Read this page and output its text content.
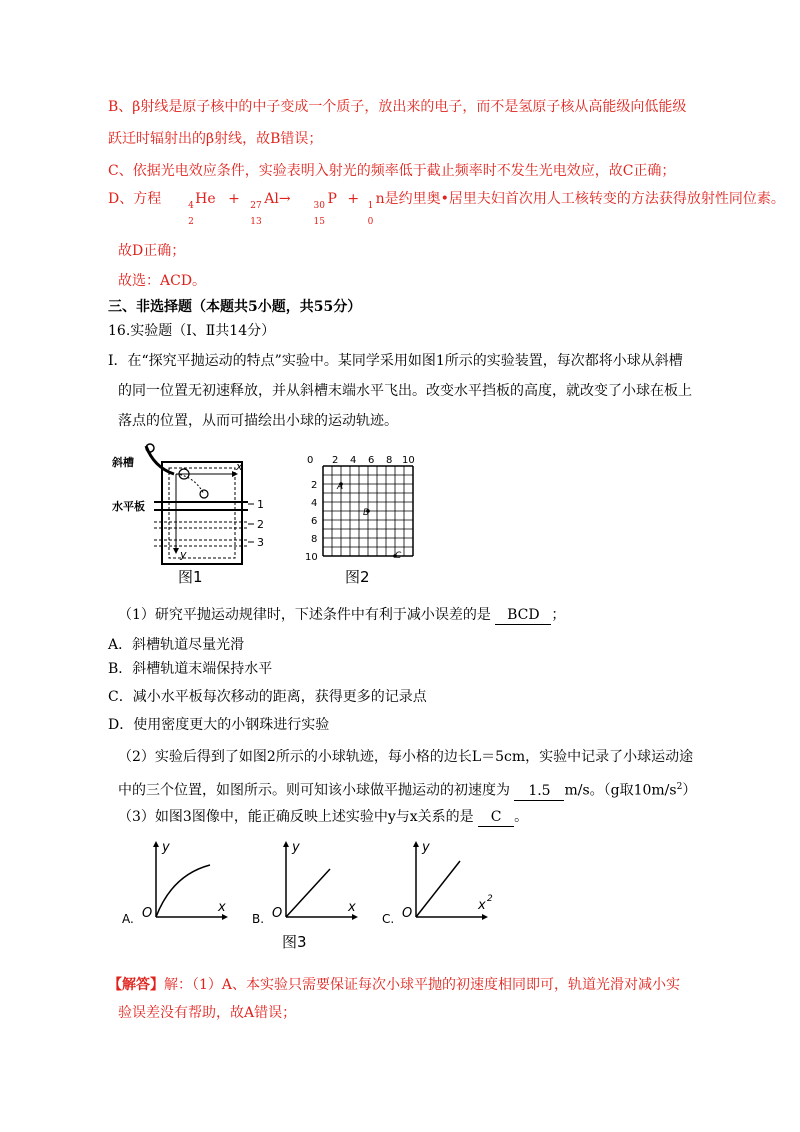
B、β射线是原子核中的中子变成一个质子，放出来的电子，而不是氢原子核从高能级向低能级
跃迁时辐射出的β射线，故B错误；
C、依据光电效应条件，实验表明入射光的频率低于截止频率时不发生光电效应，故C正确；
D、方程	4
2
He + 27
13
Al→	30
15
P + 1
0
n是约里奥•居里夫妇首次用人工核转变的方法获得放射性同位素。
故D正确；
故选：ACD。
三、非选择题（本题共5小题，共55分）
16.实验题（Ⅰ、Ⅱ共14分）
Ⅰ．在“探究平抛运动的特点”实验中。某同学采用如图1所示的实验装置，每次都将小球从斜槽
的同一位置无初速释放，并从斜槽末端水平飞出。改变水平挡板的高度，就改变了小球在板上
落点的位置，从而可描绘出小球的运动轨迹。
斜槽
水平板
x
y
1
2
3
图1
0 2 4 6 8 10
2
4
6
8
10
A
B
C
图2
（1）研究平抛运动规律时，下述条件中有利于减小误差的是 BCD ；
A．斜槽轨道尽量光滑
B．斜槽轨道末端保持水平
C．减小水平板每次移动的距离，获得更多的记录点
D．使用密度更大的小钢珠进行实验
（2）实验后得到了如图2所示的小球轨迹，每小格的边长L＝5cm，实验中记录了小球运动途
中的三个位置，如图所示。则可知该小球做平抛运动的初速度为 1.5 m/s。（g取$10m/s^2$）
（3）如图3图像中，能正确反映上述实验中y与x关系的是 C 。
A. O
y
x
B. O
y
x
C. O
y
x 2
图3
【解答】解：（1）A、本实验只需要保证每次小球平抛的初速度相同即可，轨道光滑对减小实
验误差没有帮助，故A错误；
